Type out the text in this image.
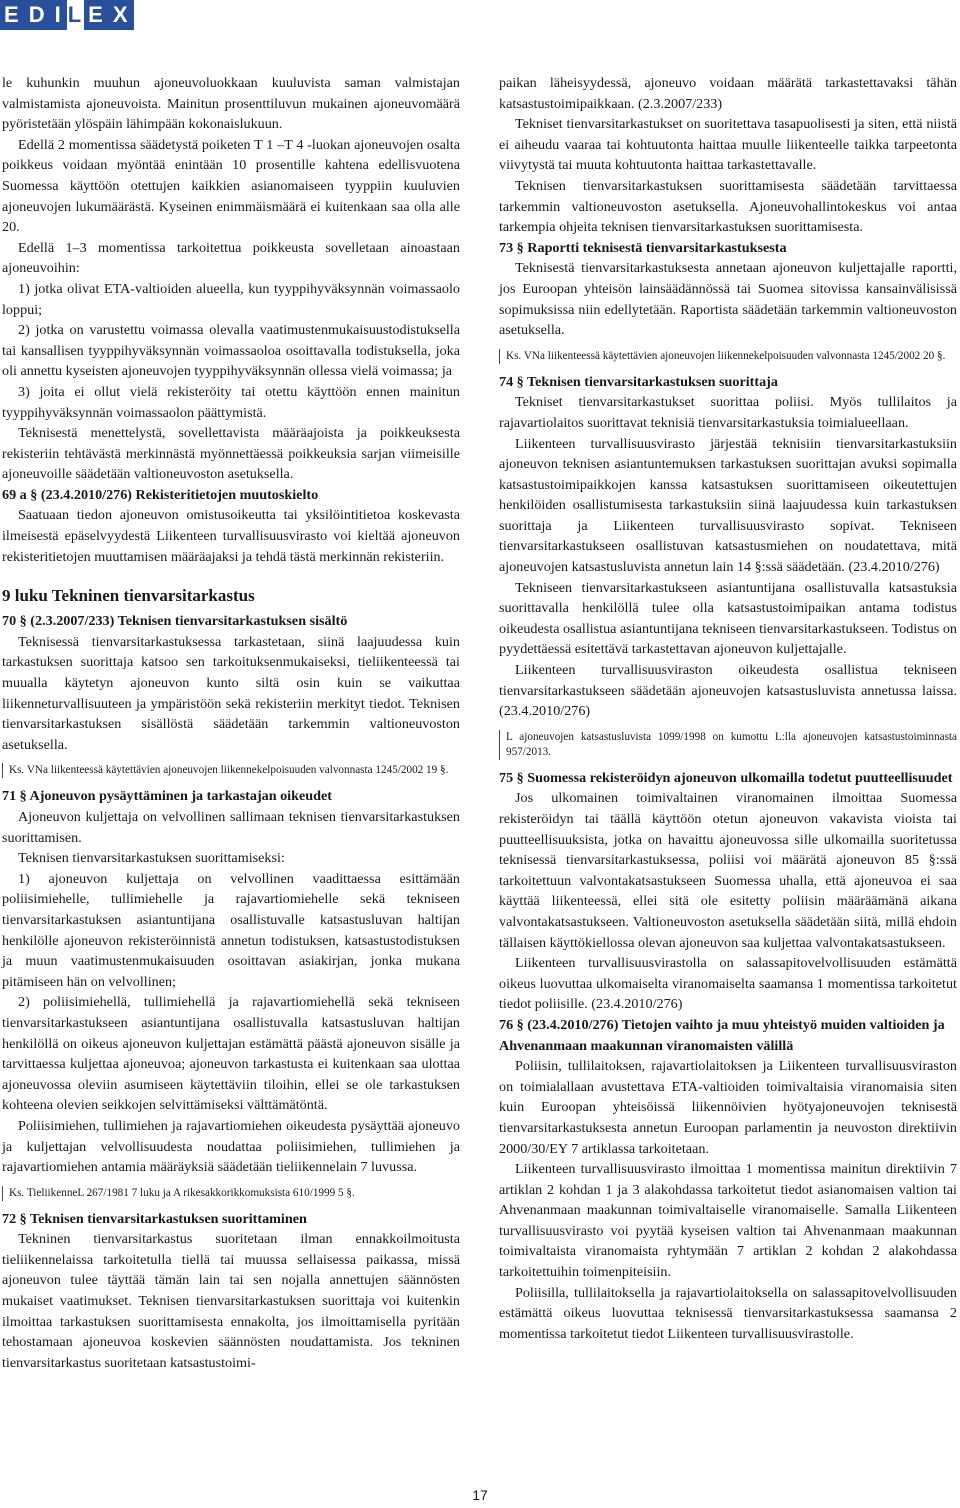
E D I L E X

le kuhunkin muuhun ajoneuvoluokkaan kuuluvista saman valmistajan valmistamista ajoneuvoista. Mainitun prosenttiluvun mukainen ajoneuvomäärä pyöristetään ylöspäin lähimpään kokonaislukuun.

Edellä 2 momentissa säädetystä poiketen T 1 –T 4 -luokan ajoneuvojen osalta poikkeus voidaan myöntää enintään 10 prosentille kahtena edellisvuotena Suomessa käyttöön otettujen kaikkien asianomaiseen tyyppiin kuuluvien ajoneuvojen lukumäärästä. Kyseinen enimmäismäärä ei kuitenkaan saa olla alle 20.

Edellä 1–3 momentissa tarkoitettua poikkeusta sovelletaan ainoastaan ajoneuvoihin:

1) jotka olivat ETA-valtioiden alueella, kun tyyppihyväksynnän voimassaolo loppui;

2) jotka on varustettu voimassa olevalla vaatimustenmukaisuustodistuksella tai kansallisen tyyppihyväksynnän voimassaoloa osoittavalla todistuksella, joka oli annettu kyseisten ajoneuvojen tyyppihyväksynnän ollessa vielä voimassa; ja

3) joita ei ollut vielä rekisteröity tai otettu käyttöön ennen mainitun tyyppihyväksynnän voimassaolon päättymistä.

Teknisestä menettelystä, sovellettavista määräajoista ja poikkeuksesta rekisteriin tehtävästä merkinnästä myönnettäessä poikkeuksia sarjan viimeisille ajoneuvoille säädetään valtioneuvoston asetuksella.

69 a § (23.4.2010/276) Rekisteritietojen muutoskielto

Saatuaan tiedon ajoneuvon omistusoikeutta tai yksilöintitietoa koskevasta ilmeisestä epäselvyydestä Liikenteen turvallisuusvirasto voi kieltää ajoneuvon rekisteritietojen muuttamisen määräajaksi ja tehdä tästä merkinnän rekisteriin.

9 luku Tekninen tienvarsitarkastus

70 § (2.3.2007/233) Teknisen tienvarsitarkastuksen sisältö

Teknisessä tienvarsitarkastuksessa tarkastetaan, siinä laajuudessa kuin tarkastuksen suorittaja katsoo sen tarkoituksenmukaiseksi, tieliikenteessä tai muualla käytetyn ajoneuvon kunto siltä osin kuin se vaikuttaa liikenneturvallisuuteen ja ympäristöön sekä rekisteriin merkityt tiedot. Teknisen tienvarsitarkastuksen sisällöstä säädetään tarkemmin valtioneuvoston asetuksella.

Ks. VNa liikenteessä käytettävien ajoneuvojen liikennekelpoisuuden valvonnasta 1245/2002 19 §.

71 § Ajoneuvon pysäyttäminen ja tarkastajan oikeudet

Ajoneuvon kuljettaja on velvollinen sallimaan teknisen tienvarsitarkastuksen suorittamisen.

Teknisen tienvarsitarkastuksen suorittamiseksi:

1) ajoneuvon kuljettaja on velvollinen vaadittaessa esittämään poliisimiehelle, tullimiehelle ja rajavartiomiehelle sekä tekniseen tienvarsitarkastuksen asiantuntijana osallistuvalle katsastusluvan haltijan henkilölle ajoneuvon rekisteröinnistä annetun todistuksen, katsastustodistuksen ja muun vaatimustenmukaisuuden osoittavan asiakirjan, jonka mukana pitämiseen hän on velvollinen;

2) poliisimiehellä, tullimiehellä ja rajavartiomiehellä sekä tekniseen tienvarsitarkastukseen asiantuntijana osallistuvalla katsastusluvan haltijan henkilöllä on oikeus ajoneuvon kuljettajan estämättä päästä ajoneuvon sisälle ja tarvittaessa kuljettaa ajoneuvoa; ajoneuvon tarkastusta ei kuitenkaan saa ulottaa ajoneuvossa oleviin asumiseen käytettäviin tiloihin, ellei se ole tarkastuksen kohteena olevien seikkojen selvittämiseksi välttämätöntä.

Poliisimiehen, tullimiehen ja rajavartiomiehen oikeudesta pysäyttää ajoneuvo ja kuljettajan velvollisuudesta noudattaa poliisimiehen, tullimiehen ja rajavartiomiehen antamia määräyksiä säädetään tieliikennelain 7 luvussa.

Ks. TieliikenneL 267/1981 7 luku ja A rikesakkorikkomuksista 610/1999 5 §.

72 § Teknisen tienvarsitarkastuksen suorittaminen

Tekninen tienvarsitarkastus suoritetaan ilman ennakkoilmoitusta tieliikennelaissa tarkoitetulla tiellä tai muussa sellaisessa paikassa, missä ajoneuvon tulee täyttää tämän lain tai sen nojalla annettujen säännösten mukaiset vaatimukset. Teknisen tienvarsitarkastuksen suorittaja voi kuitenkin ilmoittaa tarkastuksen suorittamisesta ennakolta, jos ilmoittamisella pyritään tehostamaan ajoneuvoa koskevien säännösten noudattamista. Jos tekninen tienvarsitarkastus suoritetaan katsastustoimi-

paikan läheisyydessä, ajoneuvo voidaan määrätä tarkastettavaksi tähän katsastustoimipaikkaan. (2.3.2007/233)

Tekniset tienvarsitarkastukset on suoritettava tasapuolisesti ja siten, että niistä ei aiheudu vaaraa tai kohtuutonta haittaa muulle liikenteelle taikka tarpeetonta viivytystä tai muuta kohtuutonta haittaa tarkastettavalle.

Teknisen tienvarsitarkastuksen suorittamisesta säädetään tarvittaessa tarkemmin valtioneuvoston asetuksella. Ajoneuvohallintokeskus voi antaa tarkempia ohjeita teknisen tienvarsitarkastuksen suorittamisesta.

73 § Raportti teknisestä tienvarsitarkastuksesta

Teknisestä tienvarsitarkastuksesta annetaan ajoneuvon kuljettajalle raportti, jos Euroopan yhteisön lainsäädännössä tai Suomea sitovissa kansainvälisissä sopimuksissa niin edellytetään. Raportista säädetään tarkemmin valtioneuvoston asetuksella.

Ks. VNa liikenteessä käytettävien ajoneuvojen liikennekelpoisuuden valvonnasta 1245/2002 20 §.

74 § Teknisen tienvarsitarkastuksen suorittaja

Tekniset tienvarsitarkastukset suorittaa poliisi. Myös tullilaitos ja rajavartiolaitos suorittavat teknisiä tienvarsitarkastuksia toimialueellaan.

Liikenteen turvallisuusvirasto järjestää teknisiin tienvarsitarkastuksiin ajoneuvon teknisen asiantuntemuksen tarkastuksen suorittajan avuksi sopimalla katsastustoimipaikkojen kanssa katsastuksen suorittamiseen oikeutettujen henkilöiden osallistumisesta tarkastuksiin siinä laajuudessa kuin tarkastuksen suorittaja ja Liikenteen turvallisuusvirasto sopivat. Tekniseen tienvarsitarkastukseen osallistuvan katsastusmiehen on noudatettava, mitä ajoneuvojen katsastusluvista annetun lain 14 §:ssä säädetään. (23.4.2010/276)

Tekniseen tienvarsitarkastukseen asiantuntijana osallistuvalla katsastuksia suorittavalla henkilöllä tulee olla katsastustoimipaikan antama todistus oikeudesta osallistua asiantuntijana tekniseen tienvarsitarkastukseen. Todistus on pyydettäessä esitettävä tarkastettavan ajoneuvon kuljettajalle.

Liikenteen turvallisuusviraston oikeudesta osallistua tekniseen tienvarsitarkastukseen säädetään ajoneuvojen katsastusluvista annetussa laissa. (23.4.2010/276)

L ajoneuvojen katsastusluvista 1099/1998 on kumottu L:lla ajoneuvojen katsastustoiminnasta 957/2013.

75 § Suomessa rekisteröidyn ajoneuvon ulkomailla todetut puutteellisuudet

Jos ulkomainen toimivaltainen viranomainen ilmoittaa Suomessa rekisteröidyn tai täällä käyttöön otetun ajoneuvon vakavista vioista tai puutteellisuuksista, jotka on havaittu ajoneuvossa sille ulkomailla suoritetussa teknisessä tienvarsitarkastuksessa, poliisi voi määrätä ajoneuvon 85 §:ssä tarkoitettuun valvontakatsastukseen Suomessa uhalla, että ajoneuvoa ei saa käyttää liikenteessä, ellei sitä ole esitetty poliisin määräämänä aikana valvontakatsastukseen. Valtioneuvoston asetuksella säädetään siitä, millä ehdoin tällaisen käyttökiellossa olevan ajoneuvon saa kuljettaa valvontakatsastukseen.

Liikenteen turvallisuusvirastolla on salassapitovelvollisuuden estämättä oikeus luovuttaa ulkomaiselta viranomaiselta saamansa 1 momentissa tarkoitetut tiedot poliisille. (23.4.2010/276)

76 § (23.4.2010/276) Tietojen vaihto ja muu yhteistyö muiden valtioiden ja Ahvenanmaan maakunnan viranomaisten välillä

Poliisin, tullilaitoksen, rajavartiolaitoksen ja Liikenteen turvallisuusviraston on toimialallaan avustettava ETA-valtioiden toimivaltaisia viranomaisia siten kuin Euroopan yhteisöissä liikennöivien hyötyajoneuvojen teknisestä tienvarsitarkastuksesta annetun Euroopan parlamentin ja neuvoston direktiivin 2000/30/EY 7 artiklassa tarkoitetaan.

Liikenteen turvallisuusvirasto ilmoittaa 1 momentissa mainitun direktiivin 7 artiklan 2 kohdan 1 ja 3 alakohdassa tarkoitetut tiedot asianomaisen valtion tai Ahvenanmaan maakunnan toimivaltaiselle viranomaiselle. Samalla Liikenteen turvallisuusvirasto voi pyytää kyseisen valtion tai Ahvenanmaan maakunnan toimivaltaista viranomaista ryhtymään 7 artiklan 2 kohdan 2 alakohdassa tarkoitettuihin toimenpiteisiin.

Poliisilla, tullilaitoksella ja rajavartiolaitoksella on salassapitovelvollisuuden estämättä oikeus luovuttaa teknisessä tienvarsitarkastuksessa saamansa 2 momentissa tarkoitetut tiedot Liikenteen turvallisuusvirastolle.

17
